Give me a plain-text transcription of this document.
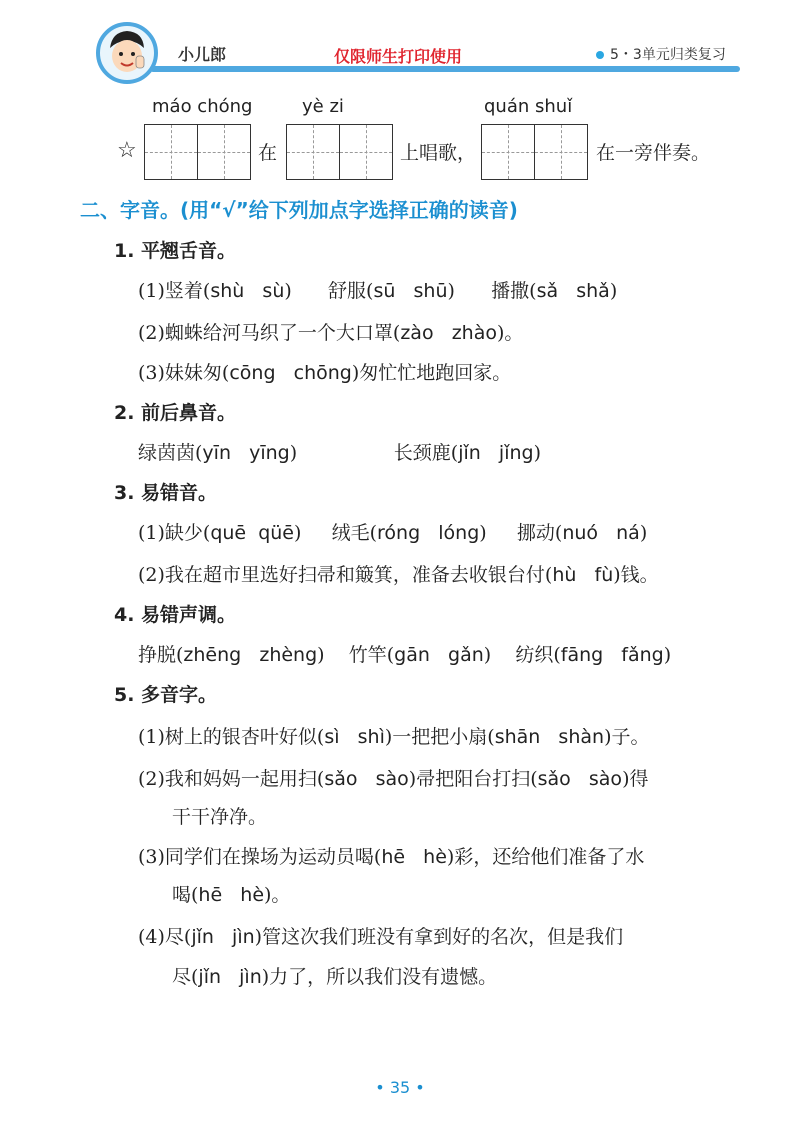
小儿郎	仅限师生打印使用	5・3单元归类复习
máo chóng	yè zi	quán shuǐ
☆	在	上唱歌，	在一旁伴奏。
二、字音。(用“√”给下列加点字选择正确的读音)
1. 平翘舌音。
(1)竖着(shù   sù)      舒服(sū   shū)      播撒(sǎ   shǎ)
(2)蜘蛛给河马织了一个大口罩(zào   zhào)。
(3)妹妹匆(cōng   chōng)匆忙忙地跑回家。
2. 前后鼻音。
绿茵茵(yīn   yīng)                长颈鹿(jǐn   jǐng)
3. 易错音。
(1)缺少(quē  qüē)     绒毛(róng   lóng)     挪动(nuó   ná)
(2)我在超市里选好扫帚和簸箕，准备去收银台付(hù   fù)钱。
4. 易错声调。
挣脱(zhēng   zhèng)    竹竿(gān   gǎn)    纺织(fāng   fǎng)
5. 多音字。
(1)树上的银杏叶好似(sì   shì)一把把小扇(shān   shàn)子。
(2)我和妈妈一起用扫(sǎo   sào)帚把阳台打扫(sǎo   sào)得
干干净净。
(3)同学们在操场为运动员喝(hē   hè)彩，还给他们准备了水
喝(hē   hè)。
(4)尽(jǐn   jìn)管这次我们班没有拿到好的名次，但是我们
尽(jǐn   jìn)力了，所以我们没有遗憾。
• 35 •
